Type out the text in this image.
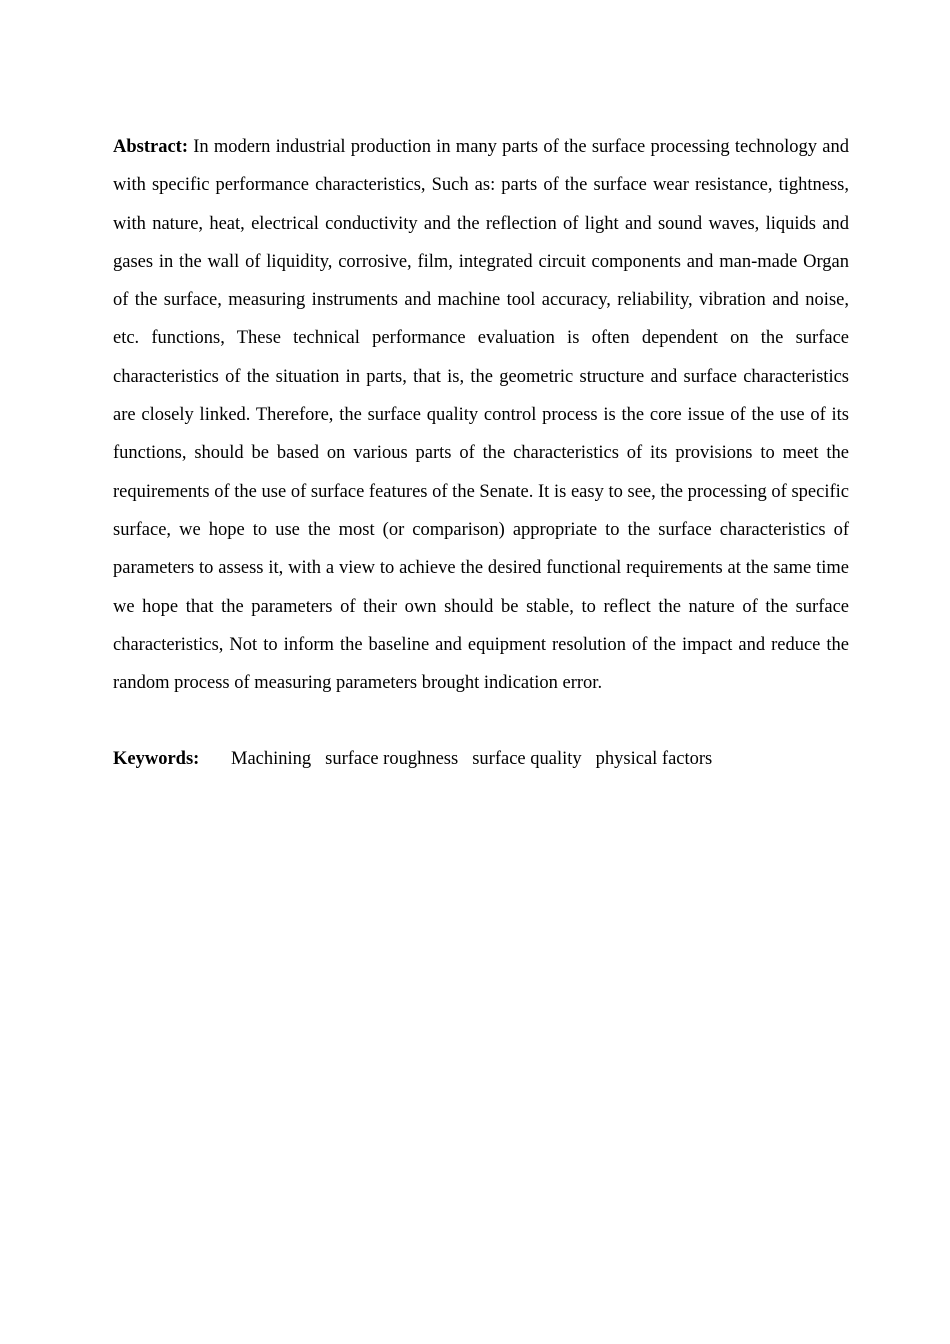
Abstract: In modern industrial production in many parts of the surface processing technology and with specific performance characteristics, Such as: parts of the surface wear resistance, tightness, with nature, heat, electrical conductivity and the reflection of light and sound waves, liquids and gases in the wall of liquidity, corrosive, film, integrated circuit components and man-made Organ of the surface, measuring instruments and machine tool accuracy, reliability, vibration and noise, etc. functions, These technical performance evaluation is often dependent on the surface characteristics of the situation in parts, that is, the geometric structure and surface characteristics are closely linked. Therefore, the surface quality control process is the core issue of the use of its functions, should be based on various parts of the characteristics of its provisions to meet the requirements of the use of surface features of the Senate. It is easy to see, the processing of specific surface, we hope to use the most (or comparison) appropriate to the surface characteristics of parameters to assess it, with a view to achieve the desired functional requirements at the same time we hope that the parameters of their own should be stable, to reflect the nature of the surface characteristics, Not to inform the baseline and equipment resolution of the impact and reduce the random process of measuring parameters brought indication error.

Keywords: Machining surface roughness surface quality physical factors
